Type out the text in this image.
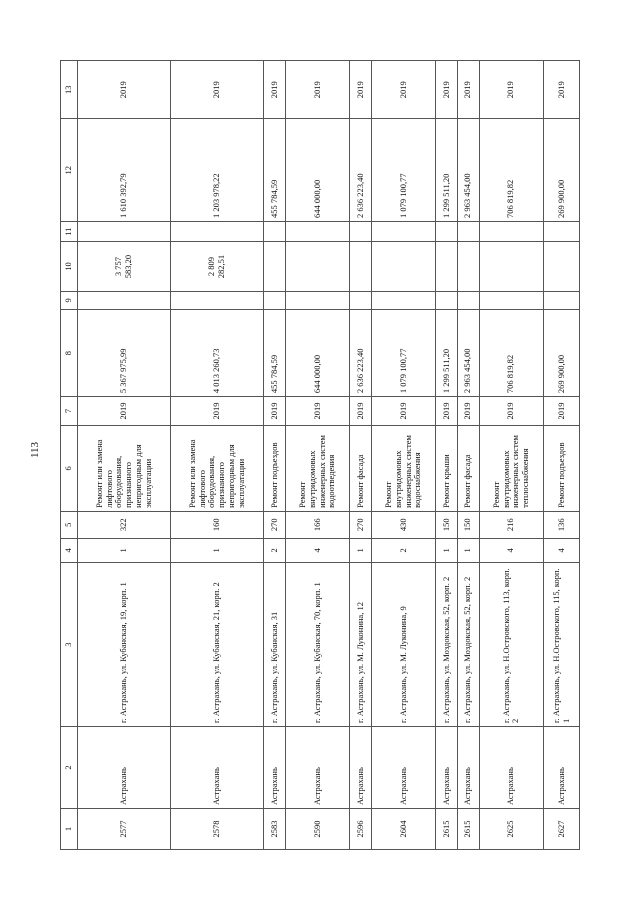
113
1	2	3	4	5	6	7	8	9	10	11	12	13
2577	Астрахань	г. Астрахань, ул. Кубанская, 19, корп. 1	1	322	Ремонт или замена лифтового оборудования, признанного непригодным для эксплуатации	2019	5 367 975,99		3 757 583,20		1 610 392,79	2019
2578	Астрахань	г. Астрахань, ул. Кубанская, 21, корп. 2	1	160	Ремонт или замена лифтового оборудования, признанного непригодным для эксплуатации	2019	4 013 260,73		2 809 282,51		1 203 978,22	2019
2583	Астрахань	г. Астрахань, ул. Кубанская, 31	2	270	Ремонт подъездов	2019	455 784,59				455 784,59	2019
2590	Астрахань	г. Астрахань, ул. Кубанская, 70, корп. 1	4	166	Ремонт внутридомовых инженерных систем водоотведения	2019	644 000,00				644 000,00	2019
2596	Астрахань	г. Астрахань, ул. М. Луконина, 12	1	270	Ремонт фасада	2019	2 636 223,40				2 636 223,40	2019
2604	Астрахань	г. Астрахань, ул. М. Луконина, 9	2	430	Ремонт внутридомовых инженерных систем водоснабжения	2019	1 079 100,77				1 079 100,77	2019
2615	Астрахань	г. Астрахань, ул. Моздокская, 52, корп. 2	1	150	Ремонт крыши	2019	1 299 511,20				1 299 511,20	2019
2615	Астрахань	г. Астрахань, ул. Моздокская, 52, корп. 2	1	150	Ремонт фасада	2019	2 963 454,00				2 963 454,00	2019
2625	Астрахань	г. Астрахань, ул. Н.Островского, 113, корп. 2	4	216	Ремонт внутридомовых инженерных систем теплоснабжения	2019	706 819,82				706 819,82	2019
2627	Астрахань	г. Астрахань, ул. Н.Островского, 115, корп. 1	4	136	Ремонт подъездов	2019	269 900,00				269 900,00	2019
